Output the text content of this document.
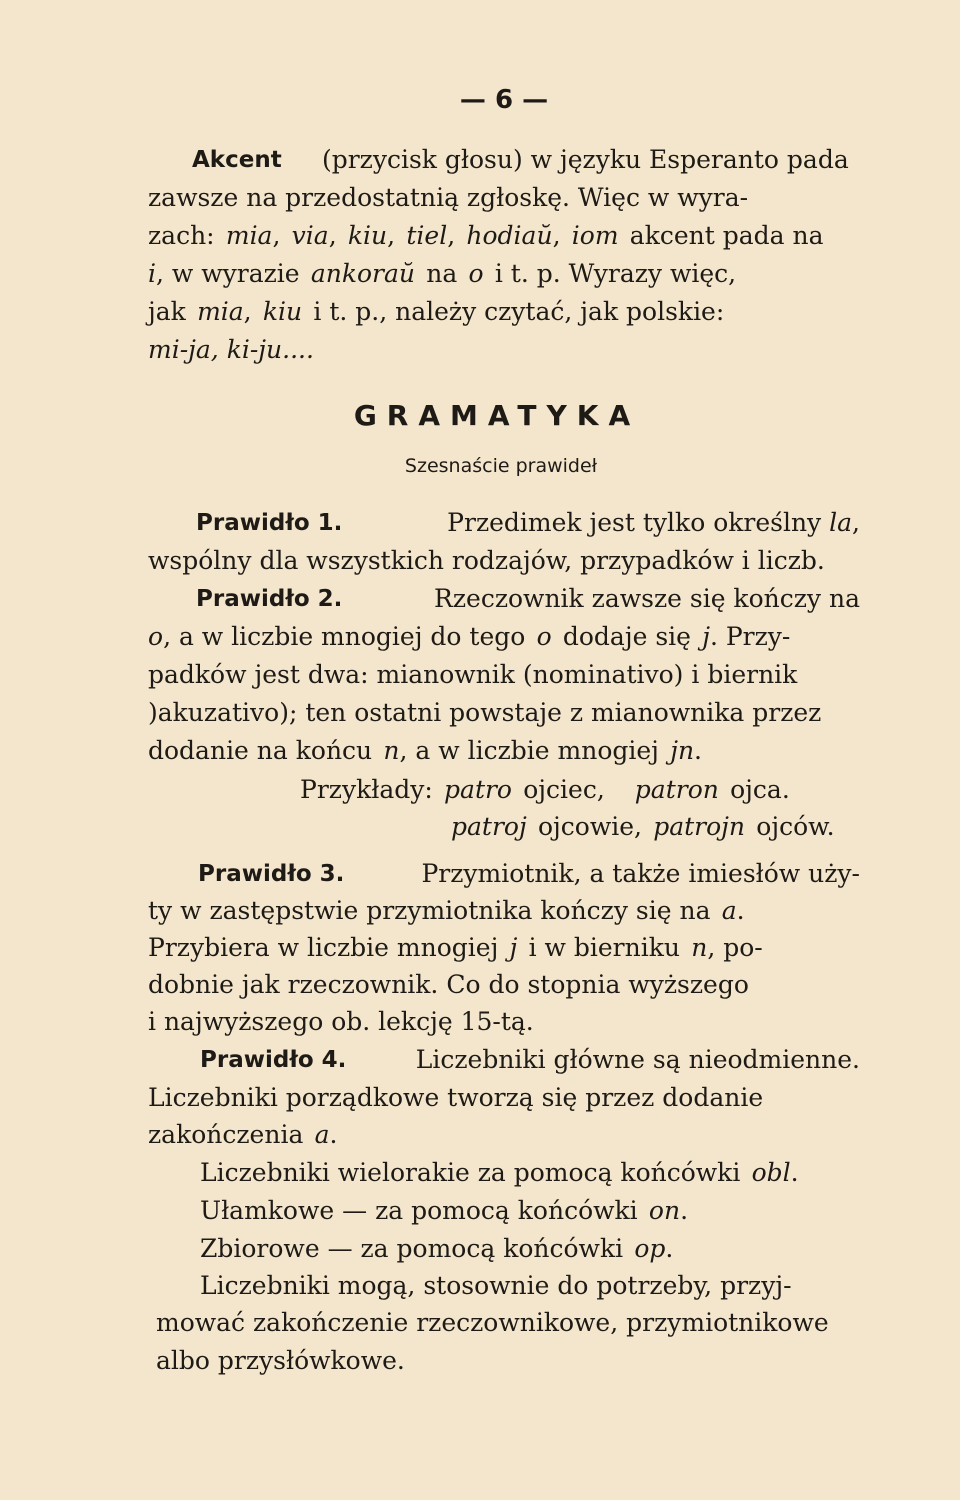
— 6 —
Akcent (przycisk głosu) w języku Esperanto pada
zawsze na przedostatnią zgłoskę. Więc w wyra-
zach: mia, via, kiu, tiel, hodiaŭ, iom akcent pada na
i, w wyrazie ankoraŭ na o i t. p. Wyrazy więc,
jak mia, kiu i t. p., należy czytać, jak polskie:
mi-ja, ki-ju....
GRAMATYKA
Szesnaście prawideł
Prawidło 1.	Przedimek jest tylko określny la,
wspólny dla wszystkich rodzajów, przypadków i liczb.
Prawidło 2.	Rzeczownik zawsze się kończy na
o, a w liczbie mnogiej do tego o dodaje się j. Przy-
padków jest dwa: mianownik (nominativo) i biernik
)akuzativo); ten ostatni powstaje z mianownika przez
dodanie na końcu n, a w liczbie mnogiej jn.
Przykłady: patro ojciec, patron ojca.
patroj ojcowie, patrojn ojców.
Prawidło 3.	Przymiotnik, a także imiesłów uży-
ty w zastępstwie przymiotnika kończy się na a.
Przybiera w liczbie mnogiej j i w bierniku n, po-
dobnie jak rzeczownik. Co do stopnia wyższego
i najwyższego ob. lekcję 15-tą.
Prawidło 4.	Liczebniki główne są nieodmienne.
Liczebniki porządkowe tworzą się przez dodanie
zakończenia a.
Liczebniki wielorakie za pomocą końcówki obl.
Ułamkowe — za pomocą końcówki on.
Zbiorowe — za pomocą końcówki op.
Liczebniki mogą, stosownie do potrzeby, przyj-
mować zakończenie rzeczownikowe, przymiotnikowe
albo przysłówkowe.
